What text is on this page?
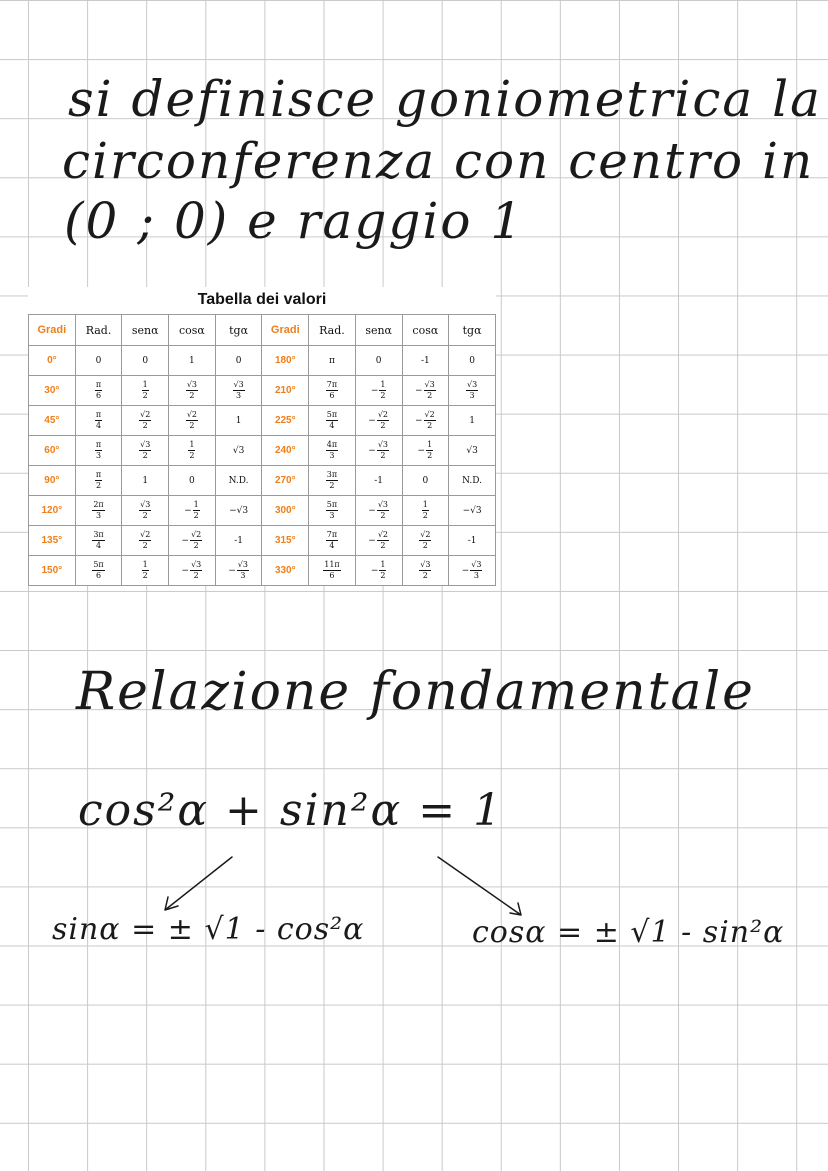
si definisce goniometrica la
circonferenza con centro in
(0 ; 0) e raggio 1
Tabella dei valori
Gradi	Rad.	senα	cosα	tgα	Gradi	Rad.	senα	cosα	tgα
0°	0	0	1	0	180°	π	0	-1	0
30°	$\frac{\pi}{6}$	$\frac{1}{2}$	$\frac{√3}{2}$	$\frac{√3}{3}$	210°	$\frac{7\pi}{6}$	− $\frac{1}{2}$	− $\frac{√3}{2}$	$\frac{√3}{3}$

45°	$\frac{\pi}{4}$	$\frac{√2}{2}$	$\frac{√2}{2}$	1	225°	$\frac{5\pi}{4}$	− $\frac{√2}{2}$	− $\frac{√2}{2}$	1
60°	$\frac{\pi}{3}$	$\frac{√3}{2}$	$\frac{1}{2}$	√3	240°	$\frac{4\pi}{3}$	− $\frac{√3}{2}$	− $\frac{1}{2}$	√3
90°	$\frac{\pi}{2}$	1	0	N.D.	270°	$\frac{3\pi}{2}$	-1	0	N.D.
120°	$\frac{2\pi}{3}$	$\frac{√3}{2}$	− $\frac{1}{2}$	−√3	300°	$\frac{5\pi}{3}$	− $\frac{√3}{2}$	$\frac{1}{2}$	−√3
135°	$\frac{3\pi}{4}$	$\frac{√2}{2}$	− $\frac{√2}{2}$	-1	315°	$\frac{7\pi}{4}$	− $\frac{√2}{2}$	$\frac{√2}{2}$	-1
150°	$\frac{5\pi}{6}$	$\frac{1}{2}$	− $\frac{√3}{2}$	− $\frac{√3}{3}$	330°	$\frac{11\pi}{6}$	− $\frac{1}{2}$	$\frac{√3}{2}$	− $\frac{√3}{3}$
Relazione fondamentale
cos²α + sin²α = 1
sinα = ± √1 - cos²α	cosα = ± √1 - sin²α
